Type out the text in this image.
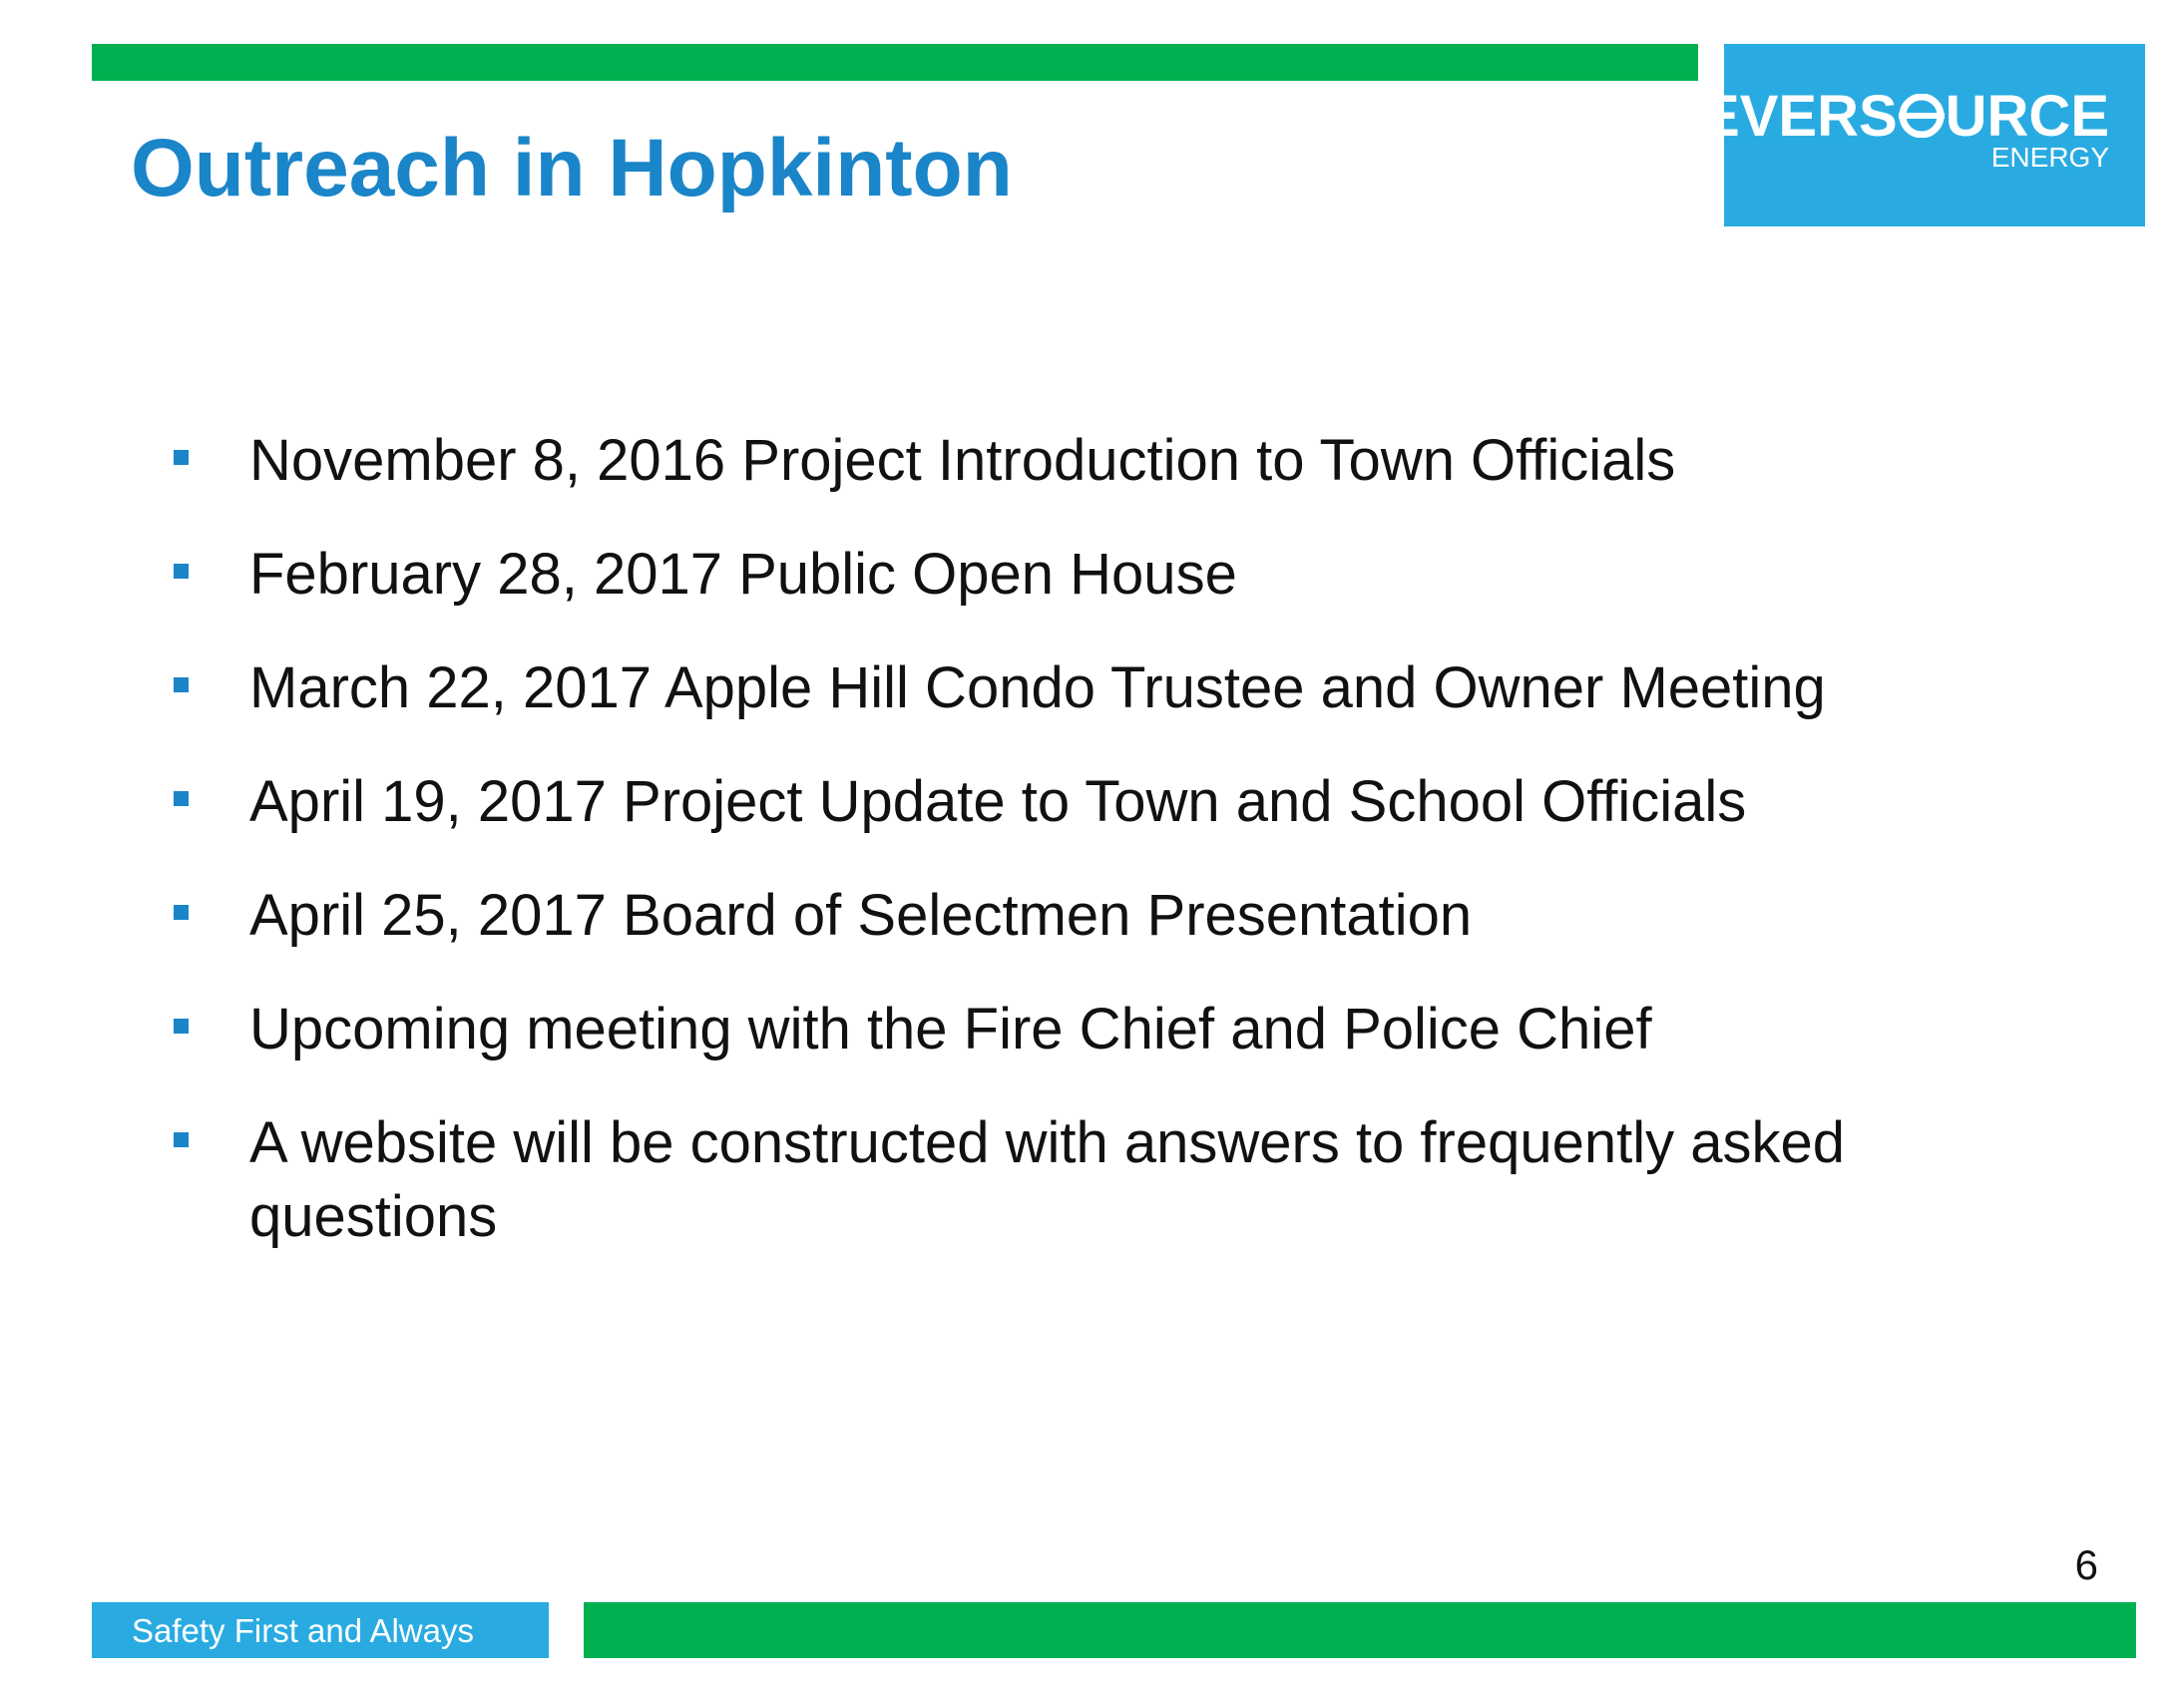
EVERS URCE
ENERGY
Outreach in Hopkinton
November 8, 2016 Project Introduction to Town Officials
February 28, 2017 Public Open House
March 22, 2017 Apple Hill Condo Trustee and Owner Meeting
April 19, 2017 Project Update to Town and School Officials
April 25, 2017 Board of Selectmen Presentation
Upcoming meeting with the Fire Chief and Police Chief
A website will be constructed with answers to frequently asked questions
6
Safety First and Always
